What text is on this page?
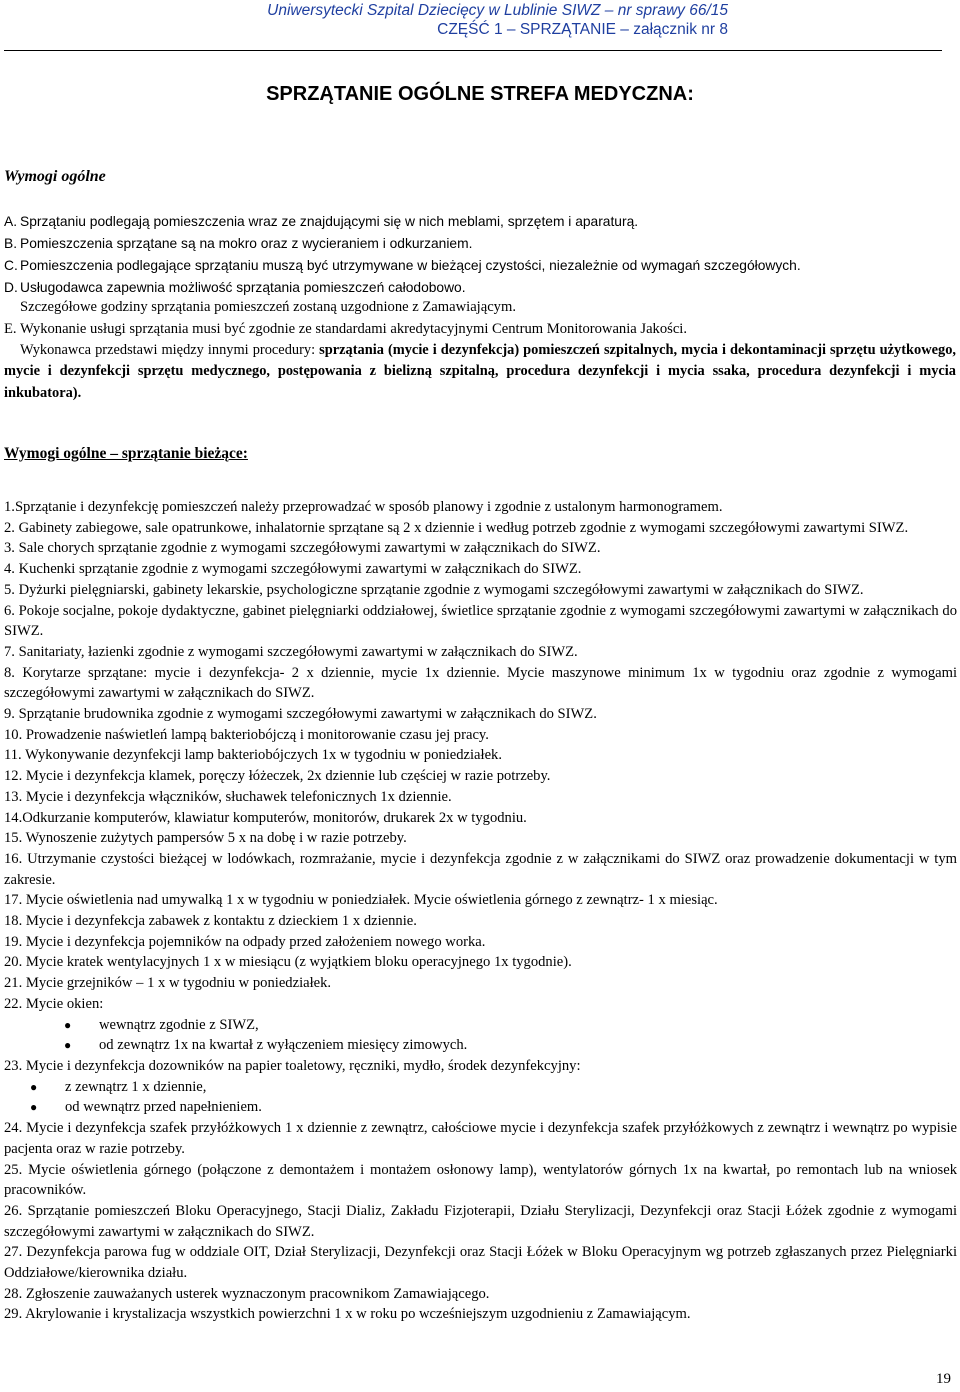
Uniwersytecki Szpital Dziecięcy w Lublinie SIWZ – nr sprawy 66/15
CZĘŚĆ 1 – SPRZĄTANIE – załącznik nr 8
SPRZĄTANIE OGÓLNE STREFA MEDYCZNA:
Wymogi ogólne
A. Sprzątaniu podlegają pomieszczenia wraz ze znajdującymi się w nich meblami, sprzętem i aparaturą.
B. Pomieszczenia sprzątane są na mokro oraz z wycieraniem i odkurzaniem.
C. Pomieszczenia podlegające sprzątaniu muszą być utrzymywane w bieżącej czystości, niezależnie od wymagań szczegółowych.
D. Usługodawca zapewnia możliwość sprzątania pomieszczeń całodobowo.
Szczegółowe godziny sprzątania pomieszczeń zostaną uzgodnione z Zamawiającym.
E. Wykonanie usługi sprzątania musi być zgodnie ze standardami akredytacyjnymi Centrum Monitorowania Jakości.
Wykonawca przedstawi między innymi procedury: sprzątania (mycie i dezynfekcja) pomieszczeń szpitalnych, mycia i dekontaminacji sprzętu użytkowego, mycie i dezynfekcji sprzętu medycznego, postępowania z bielizną szpitalną, procedura dezynfekcji i mycia ssaka, procedura dezynfekcji i mycia inkubatora).
Wymogi ogólne – sprzątanie bieżące:
1.Sprzątanie i dezynfekcję pomieszczeń należy przeprowadzać w sposób planowy i zgodnie z ustalonym harmonogramem.
2. Gabinety zabiegowe, sale opatrunkowe, inhalatornie sprzątane są 2 x dziennie i według potrzeb zgodnie z wymogami szczegółowymi zawartymi SIWZ.
3. Sale chorych sprzątanie zgodnie z wymogami szczegółowymi zawartymi w załącznikach do SIWZ.
4. Kuchenki sprzątanie zgodnie z wymogami szczegółowymi zawartymi w załącznikach do SIWZ.
5. Dyżurki pielęgniarski, gabinety lekarskie, psychologiczne sprzątanie zgodnie z wymogami szczegółowymi zawartymi w załącznikach do SIWZ.
6. Pokoje socjalne, pokoje dydaktyczne, gabinet pielęgniarki oddziałowej, świetlice sprzątanie zgodnie z wymogami szczegółowymi zawartymi w załącznikach do SIWZ.
7. Sanitariaty, łazienki zgodnie z wymogami szczegółowymi zawartymi w załącznikach do SIWZ.
8. Korytarze sprzątane: mycie i dezynfekcja- 2 x dziennie, mycie 1x dziennie. Mycie maszynowe minimum 1x w tygodniu oraz zgodnie z wymogami szczegółowymi zawartymi w załącznikach do SIWZ.
9. Sprzątanie brudownika zgodnie z wymogami szczegółowymi zawartymi w załącznikach do SIWZ.
10. Prowadzenie naświetleń lampą bakteriobójczą i monitorowanie czasu jej pracy.
11. Wykonywanie dezynfekcji lamp bakteriobójczych 1x w tygodniu w poniedziałek.
12. Mycie i dezynfekcja klamek, poręczy łóżeczek, 2x dziennie lub częściej w razie potrzeby.
13. Mycie i dezynfekcja włączników, słuchawek telefonicznych 1x dziennie.
14.Odkurzanie komputerów, klawiatur komputerów, monitorów, drukarek 2x w tygodniu.
15. Wynoszenie zużytych pampersów 5 x na dobę i w razie potrzeby.
16. Utrzymanie czystości bieżącej w lodówkach, rozmrażanie, mycie i dezynfekcja zgodnie z w załącznikami do SIWZ oraz prowadzenie dokumentacji w tym zakresie.
17. Mycie oświetlenia nad umywalką 1 x w tygodniu w poniedziałek. Mycie oświetlenia górnego z zewnątrz- 1 x miesiąc.
18. Mycie i dezynfekcja zabawek z kontaktu z dzieckiem 1 x dziennie.
19. Mycie i dezynfekcja pojemników na odpady przed założeniem nowego worka.
20. Mycie kratek wentylacyjnych 1 x w miesiącu (z wyjątkiem bloku operacyjnego 1x tygodnie).
21. Mycie grzejników – 1 x w tygodniu w poniedziałek.
22. Mycie okien:
● wewnątrz zgodnie z SIWZ,
● od zewnątrz 1x na kwartał z wyłączeniem miesięcy zimowych.
23. Mycie i dezynfekcja dozowników na papier toaletowy, ręczniki, mydło, środek dezynfekcyjny:
● z zewnątrz 1 x dziennie,
● od wewnątrz przed napełnieniem.
24. Mycie i dezynfekcja szafek przyłóżkowych 1 x dziennie z zewnątrz, całościowe mycie i dezynfekcja szafek przyłóżkowych z zewnątrz i wewnątrz po wypisie pacjenta oraz w razie potrzeby.
25. Mycie oświetlenia górnego (połączone z demontażem i montażem osłonowy lamp), wentylatorów górnych 1x na kwartał, po remontach lub na wniosek pracowników.
26. Sprzątanie pomieszczeń Bloku Operacyjnego, Stacji Dializ, Zakładu Fizjoterapii, Działu Sterylizacji, Dezynfekcji oraz Stacji Łóżek zgodnie z wymogami szczegółowymi zawartymi w załącznikach do SIWZ.
27. Dezynfekcja parowa fug w oddziale OIT, Dział Sterylizacji, Dezynfekcji oraz Stacji Łóżek w Bloku Operacyjnym wg potrzeb zgłaszanych przez Pielęgniarki Oddziałowe/kierownika działu.
28. Zgłoszenie zauważanych usterek wyznaczonym pracownikom Zamawiającego.
29. Akrylowanie i krystalizacja wszystkich powierzchni 1 x w roku po wcześniejszym uzgodnieniu z Zamawiającym.
19
